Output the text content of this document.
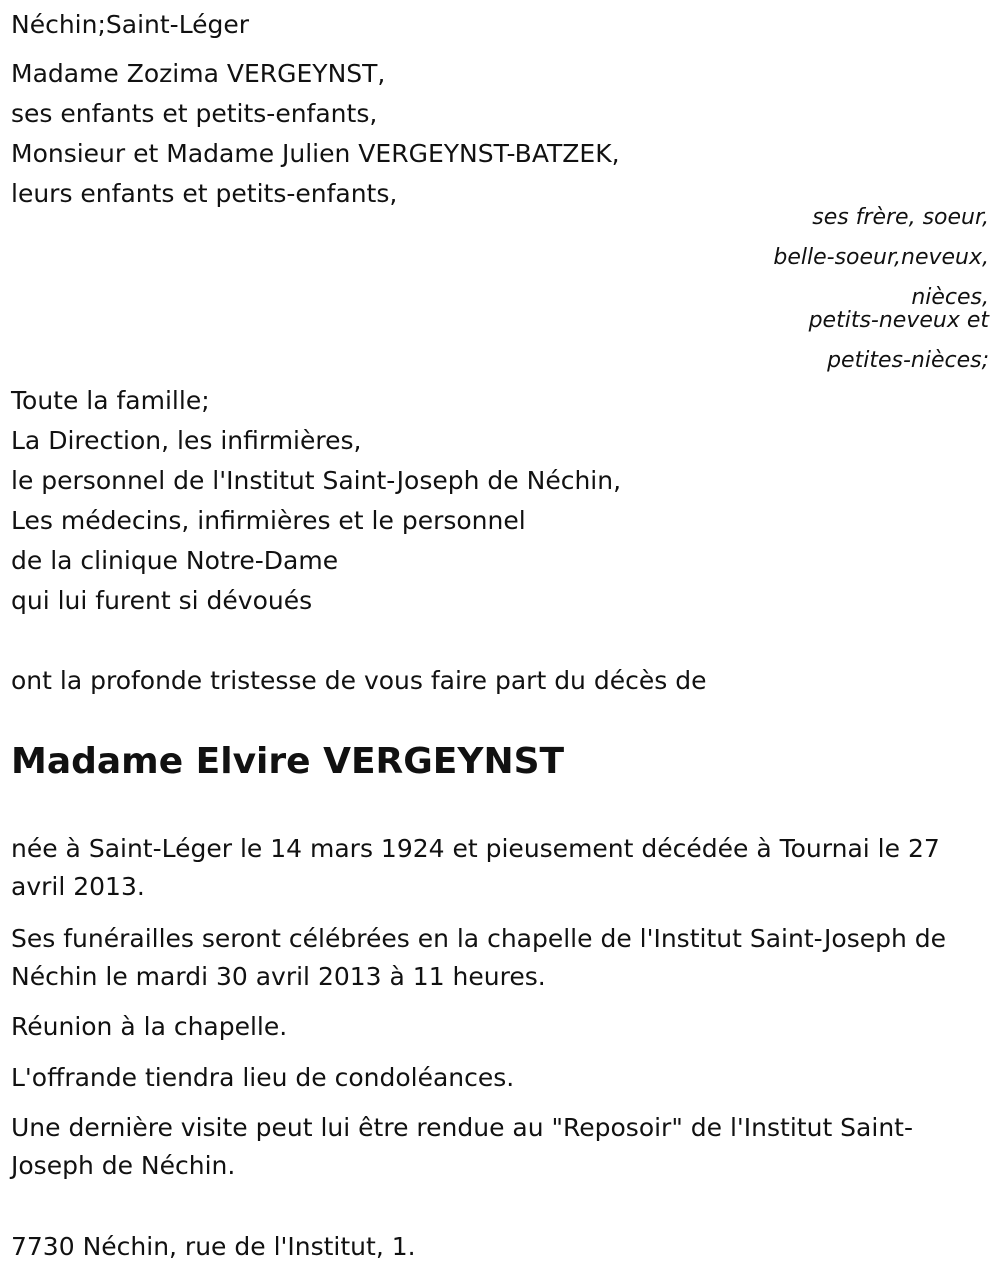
Néchin;Saint-Léger
Madame Zozima VERGEYNST,
ses enfants et petits-enfants,
Monsieur et Madame Julien VERGEYNST-BATZEK,
leurs enfants et petits-enfants,
ses frère, soeur,
belle-soeur,neveux,
nièces,
petits-neveux et
petites-nièces;
Toute la famille;
La Direction, les infirmières,
le personnel de l'Institut Saint-Joseph de Néchin,
Les médecins, infirmières et le personnel
de la clinique Notre-Dame
qui lui furent si dévoués
ont la profonde tristesse de vous faire part du décès de
Madame Elvire VERGEYNST
née à Saint-Léger le 14 mars 1924 et pieusement décédée à Tournai le 27 avril 2013.
Ses funérailles seront célébrées en la chapelle de l'Institut Saint-Joseph de Néchin le mardi 30 avril 2013 à 11 heures.
Réunion à la chapelle.
L'offrande tiendra lieu de condoléances.
Une dernière visite peut lui être rendue au "Reposoir" de l'Institut Saint-Joseph de Néchin.
7730 Néchin, rue de l'Institut, 1.
